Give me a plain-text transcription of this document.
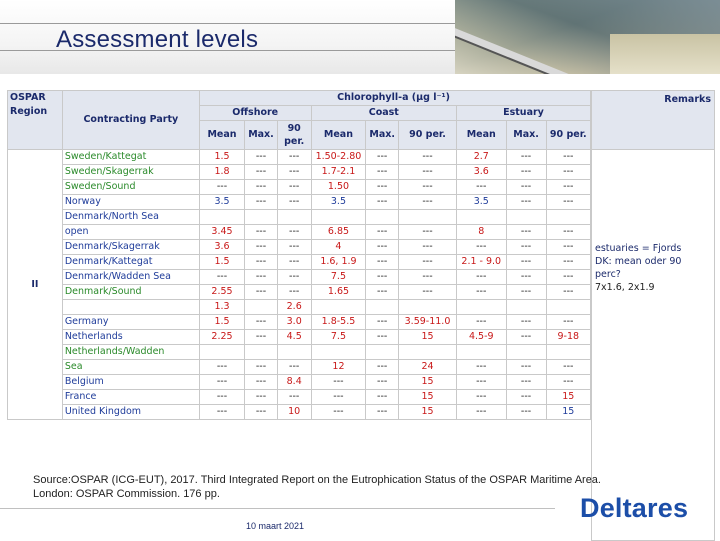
Assessment levels
OSPAR Region	Contracting Party	Chlorophyll-a (µg l⁻¹)								
		Offshore			Coast			Estuary		
		Mean	Max.	90 per.	Mean	Max.	90 per.	Mean	Max.	90 per.
II	Sweden/Kattegat	1.5	---	---	1.50-2.80	---	---	2.7	---	---
	Sweden/Skagerrak	1.8	---	---	1.7-2.1	---	---	3.6	---	---
	Sweden/Sound	---	---	---	1.50	---	---	---	---	---
	Norway	3.5	---	---	3.5	---	---	3.5	---	---
	Denmark/North Sea									
	open	3.45	---	---	6.85	---	---	8	---	---
	Denmark/Skagerrak	3.6	---	---	4	---	---	---	---	---
	Denmark/Kattegat	1.5	---	---	1.6, 1.9	---	---	2.1 - 9.0	---	---
	Denmark/Wadden Sea	---	---	---	7.5	---	---	---	---	---
	Denmark/Sound	2.55	---	---	1.65	---	---	---	---	---
		1.3		2.6						
	Germany	1.5	---	3.0	1.8-5.5	---	3.59-11.0	---	---	---
	Netherlands	2.25	---	4.5	7.5	---	15	4.5-9	---	9-18
	Netherlands/Wadden									
	Sea	---	---	---	12	---	24	---	---	---
	Belgium	---	---	8.4	---	---	15	---	---	---
	France	---	---	---	---	---	15	---	---	15
	United Kingdom	---	---	10	---	---	15	---	---	15
Remarks

estuaries = Fjords
DK: mean oder 90
perc?
7x1.6, 2x1.9
Source:OSPAR (ICG-EUT), 2017. Third Integrated Report on the Eutrophication Status of the OSPAR Maritime Area.
London: OSPAR Commission. 176 pp.
10 maart 2021
Deltares
